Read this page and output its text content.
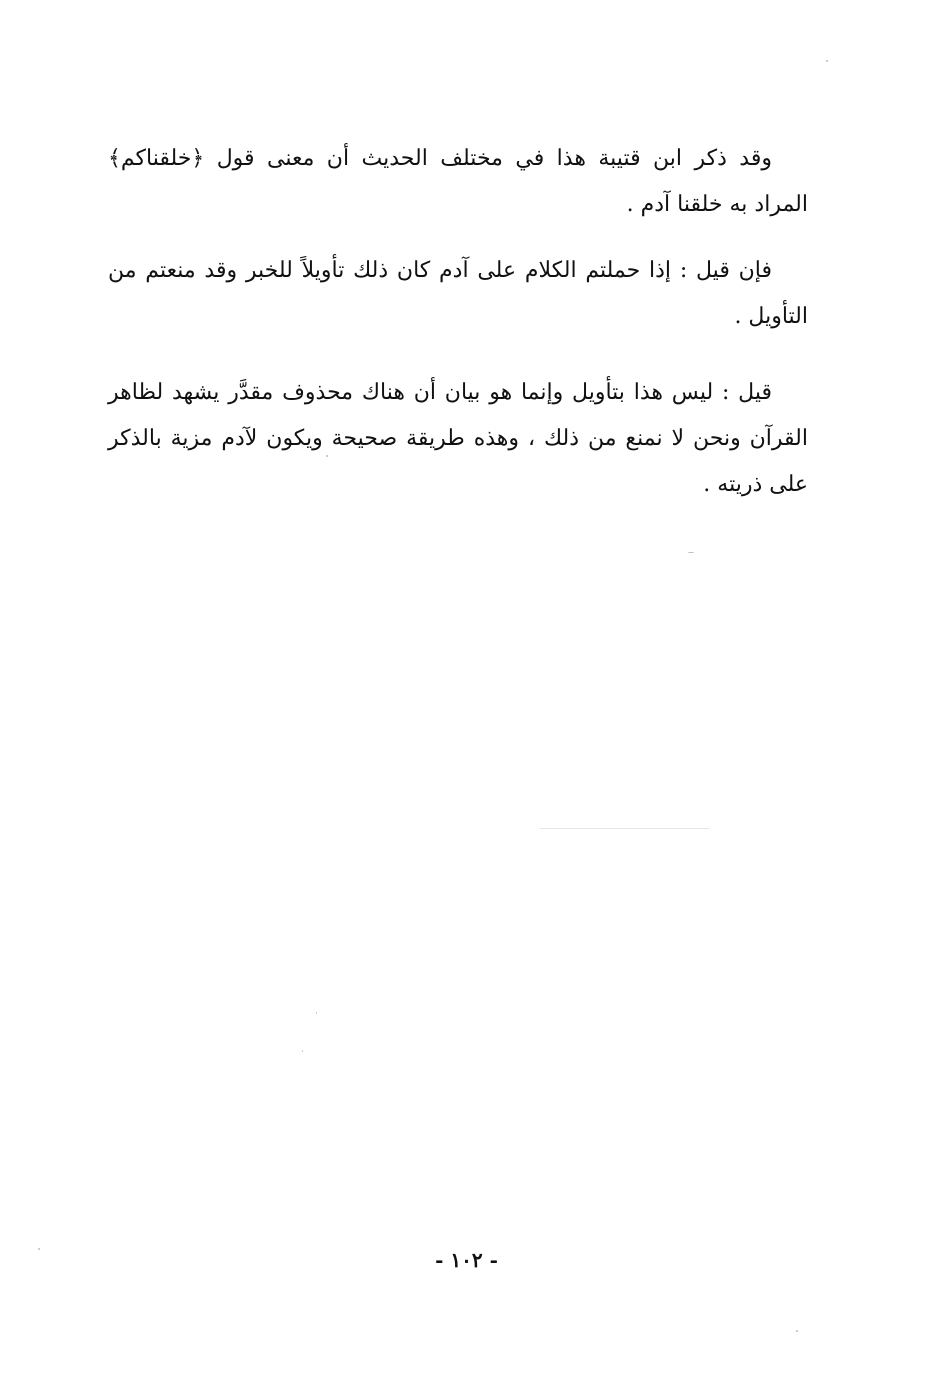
وقد ذكر ابن قتيبة هذا في مختلف الحديث أن معنى قول ﴿خلقناكم﴾ المراد به خلقنا آدم .

فإن قيل : إذا حملتم الكلام على آدم كان ذلك تأويلاً للخبر وقد منعتم من التأويل .

قيل : ليس هذا بتأويل وإنما هو بيان أن هناك محذوف مقدَّر يشهد لظاهر القرآن ونحن لا نمنع من ذلك ، وهذه طريقة صحيحة ويكون لآدم مزية بالذكر على ذريته .

- ١٠٢ -
